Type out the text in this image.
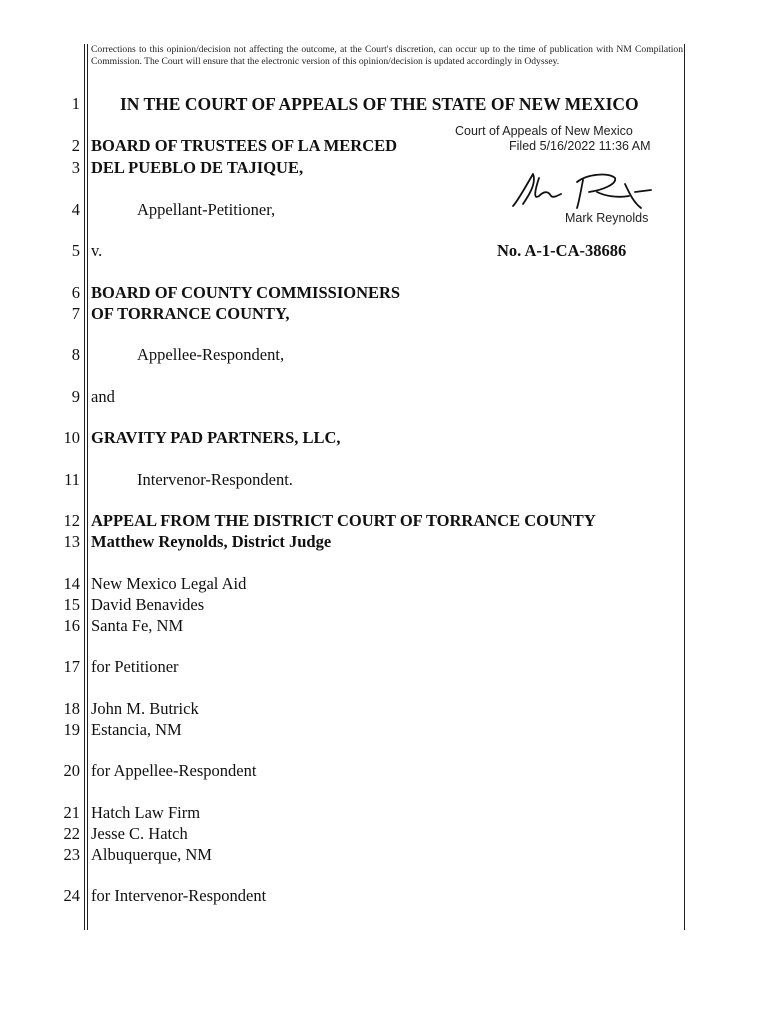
Corrections to this opinion/decision not affecting the outcome, at the Court's discretion, can occur up to the time of publication with NM Compilation Commission. The Court will ensure that the electronic version of this opinion/decision is updated accordingly in Odyssey.
1
2
3
4
5
6
7
8
9
10
11
12
13
14
15
16
17
18
19
20
21
22
23
24
IN THE COURT OF APPEALS OF THE STATE OF NEW MEXICO
Court of Appeals of New Mexico
Filed 5/16/2022 11:36 AM
Mark Reynolds
BOARD OF TRUSTEES OF LA MERCED
DEL PUEBLO DE TAJIQUE,
Appellant-Petitioner,
v.	No. A-1-CA-38686
BOARD OF COUNTY COMMISSIONERS
OF TORRANCE COUNTY,
Appellee-Respondent,
and
GRAVITY PAD PARTNERS, LLC,
Intervenor-Respondent.
APPEAL FROM THE DISTRICT COURT OF TORRANCE COUNTY
Matthew Reynolds, District Judge
New Mexico Legal Aid
David Benavides
Santa Fe, NM
for Petitioner
John M. Butrick
Estancia, NM
for Appellee-Respondent
Hatch Law Firm
Jesse C. Hatch
Albuquerque, NM
for Intervenor-Respondent
